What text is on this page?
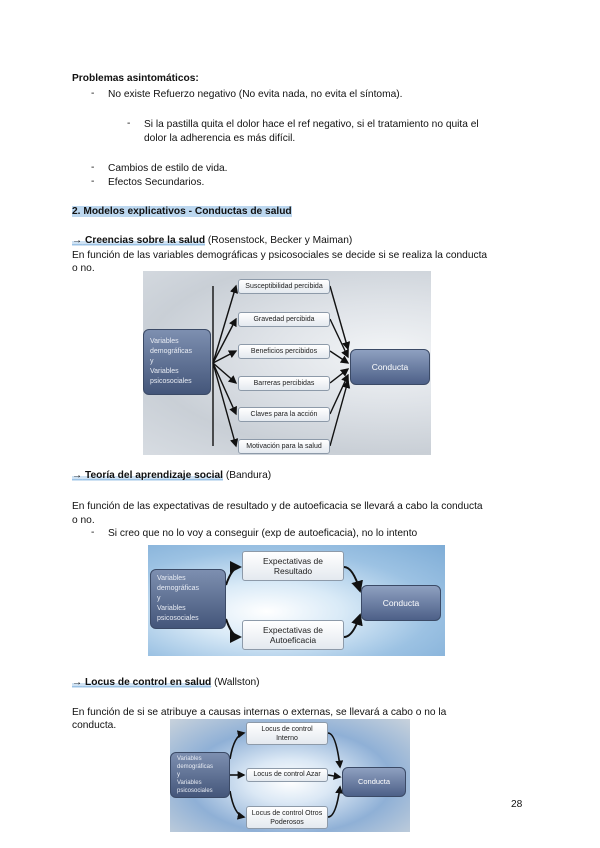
Problemas asintomáticos:
- No existe Refuerzo negativo (No evita nada, no evita el síntoma).
- Si la pastilla quita el dolor hace el ref negativo, si el tratamiento no quita el
dolor la adherencia es más difícil.
- Cambios de estilo de vida.
- Efectos Secundarios.
2. Modelos explicativos - Conductas de salud
→ Creencias sobre la salud (Rosenstock, Becker y Maiman)
En función de las variables demográficas y psicosociales se decide si se realiza la conducta
o no.
Variables
demográficas
y
Variables
psicosociales
Susceptibilidad percibida
Gravedad percibida
Beneficios percibidos
Barreras percibidas
Claves para la acción
Motivación para la salud
Conducta
→ Teoría del aprendizaje social (Bandura)
En función de las expectativas de resultado y de autoeficacia se llevará a cabo la conducta
o no.
- Si creo que no lo voy a conseguir (exp de autoeficacia), no lo intento
Variables
demográficas
y
Variables
psicosociales
Expectativas de
Resultado
Expectativas de
Autoeficacia
Conducta
→ Locus de control en salud (Wallston)
En función de si se atribuye a causas internas o externas, se llevará a cabo o no la
conducta.
Variables
demográficas
y
Variables
psicosociales
Locus de control
Interno
Locus de control Azar
Locus de control Otros
Poderosos
Conducta
28
